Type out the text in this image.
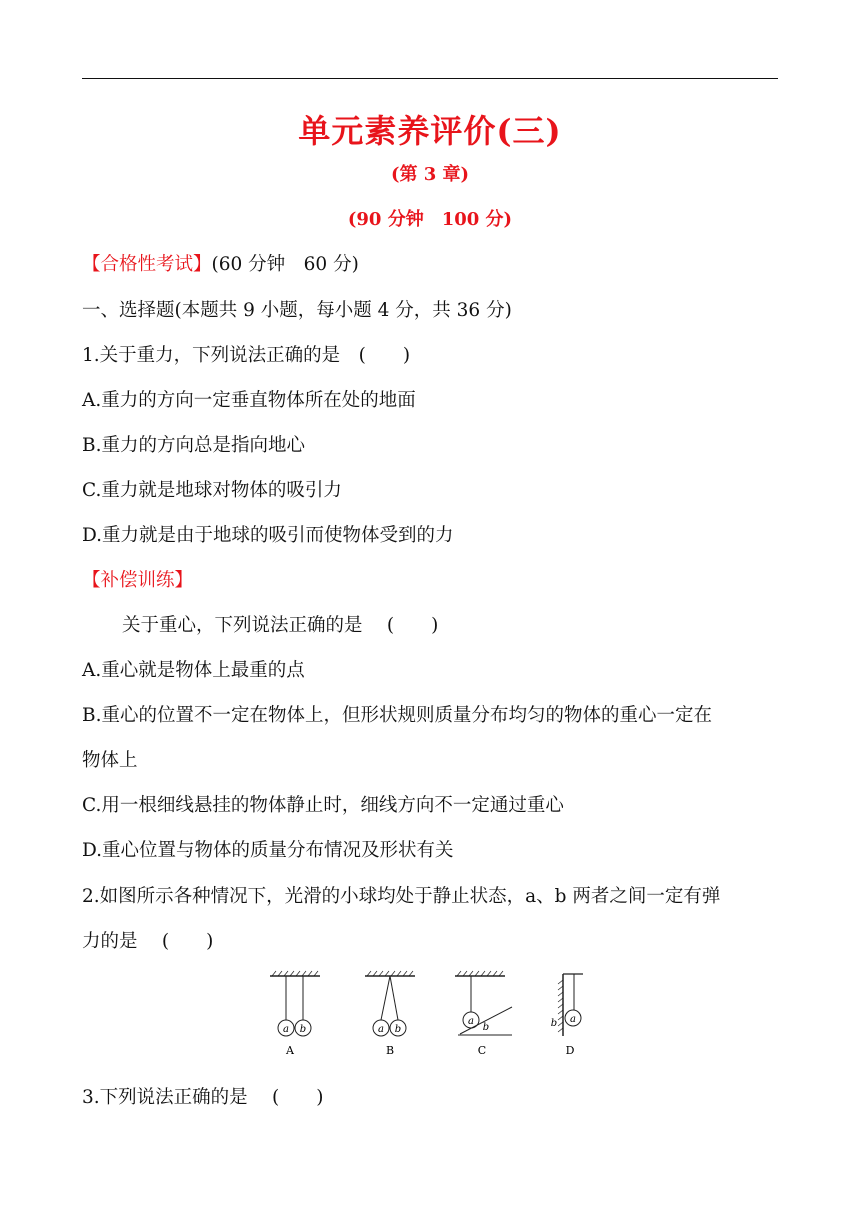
单元素养评价(三)
(第 3 章)
(90 分钟　100 分)
【合格性考试】(60 分钟　60 分)
一、选择题(本题共 9 小题，每小题 4 分，共 36 分)
1.关于重力，下列说法正确的是　(　　)
A.重力的方向一定垂直物体所在处的地面
B.重力的方向总是指向地心
C.重力就是地球对物体的吸引力
D.重力就是由于地球的吸引而使物体受到的力
【补偿训练】
关于重心，下列说法正确的是　 (　　)
A.重心就是物体上最重的点
B.重心的位置不一定在物体上，但形状规则质量分布均匀的物体的重心一定在
物体上
C.用一根细线悬挂的物体静止时，细线方向不一定通过重心
D.重心位置与物体的质量分布情况及形状有关
2.如图所示各种情况下，光滑的小球均处于静止状态，a、b 两者之间一定有弹
力的是　 (　　)
a b
A
a b
B
a
b
C
a
b
D
3.下列说法正确的是　 (　　)
